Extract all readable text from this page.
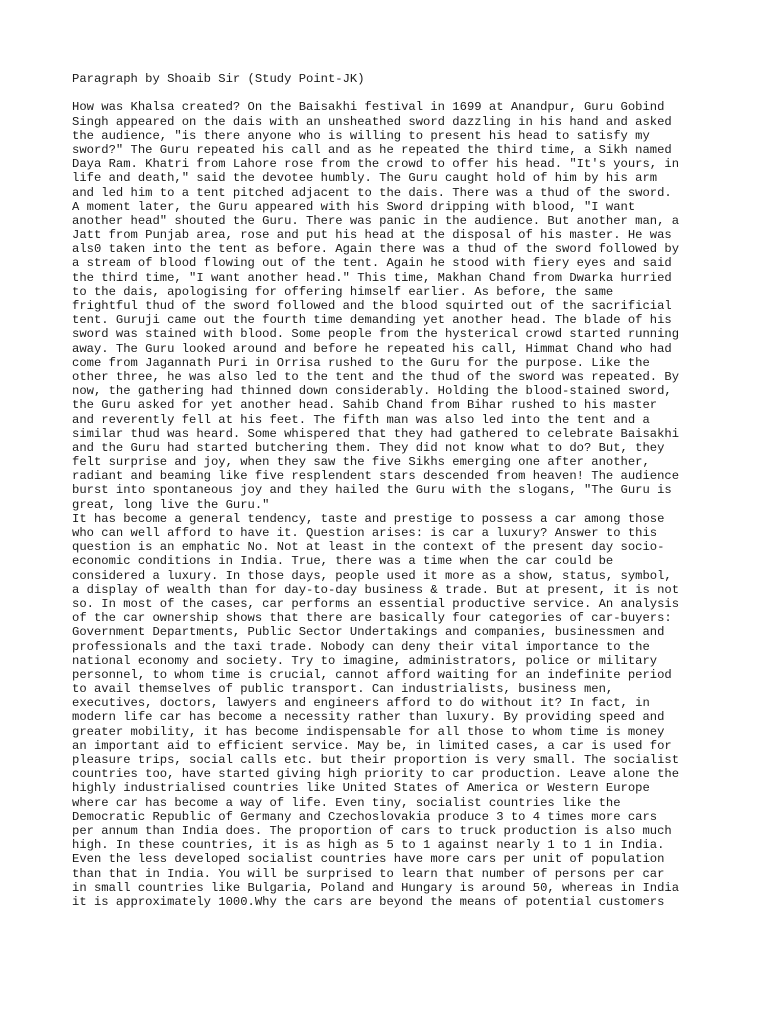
Paragraph by Shoaib Sir (Study Point-JK)

How was Khalsa created? On the Baisakhi festival in 1699 at Anandpur, Guru Gobind
Singh appeared on the dais with an unsheathed sword dazzling in his hand and asked
the audience, "is there anyone who is willing to present his head to satisfy my
sword?" The Guru repeated his call and as he repeated the third time, a Sikh named
Daya Ram. Khatri from Lahore rose from the crowd to offer his head. "It's yours, in
life and death," said the devotee humbly. The Guru caught hold of him by his arm
and led him to a tent pitched adjacent to the dais. There was a thud of the sword.
A moment later, the Guru appeared with his Sword dripping with blood, "I want
another head" shouted the Guru. There was panic in the audience. But another man, a
Jatt from Punjab area, rose and put his head at the disposal of his master. He was
als0 taken into the tent as before. Again there was a thud of the sword followed by
a stream of blood flowing out of the tent. Again he stood with fiery eyes and said
the third time, "I want another head." This time, Makhan Chand from Dwarka hurried
to the dais, apologising for offering himself earlier. As before, the same
frightful thud of the sword followed and the blood squirted out of the sacrificial
tent. Guruji came out the fourth time demanding yet another head. The blade of his
sword was stained with blood. Some people from the hysterical crowd started running
away. The Guru looked around and before he repeated his call, Himmat Chand who had
come from Jagannath Puri in Orrisa rushed to the Guru for the purpose. Like the
other three, he was also led to the tent and the thud of the sword was repeated. By
now, the gathering had thinned down considerably. Holding the blood-stained sword,
the Guru asked for yet another head. Sahib Chand from Bihar rushed to his master
and reverently fell at his feet. The fifth man was also led into the tent and a
similar thud was heard. Some whispered that they had gathered to celebrate Baisakhi
and the Guru had started butchering them. They did not know what to do? But, they
felt surprise and joy, when they saw the five Sikhs emerging one after another,
radiant and beaming like five resplendent stars descended from heaven! The audience
burst into spontaneous joy and they hailed the Guru with the slogans, "The Guru is
great, long live the Guru."
It has become a general tendency, taste and prestige to possess a car among those
who can well afford to have it. Question arises: is car a luxury? Answer to this
question is an emphatic No. Not at least in the context of the present day socio-
economic conditions in India. True, there was a time when the car could be
considered a luxury. In those days, people used it more as a show, status, symbol,
a display of wealth than for day-to-day business & trade. But at present, it is not
so. In most of the cases, car performs an essential productive service. An analysis
of the car ownership shows that there are basically four categories of car-buyers:
Government Departments, Public Sector Undertakings and companies, businessmen and
professionals and the taxi trade. Nobody can deny their vital importance to the
national economy and society. Try to imagine, administrators, police or military
personnel, to whom time is crucial, cannot afford waiting for an indefinite period
to avail themselves of public transport. Can industrialists, business men,
executives, doctors, lawyers and engineers afford to do without it? In fact, in
modern life car has become a necessity rather than luxury. By providing speed and
greater mobility, it has become indispensable for all those to whom time is money
an important aid to efficient service. May be, in limited cases, a car is used for
pleasure trips, social calls etc. but their proportion is very small. The socialist
countries too, have started giving high priority to car production. Leave alone the
highly industrialised countries like United States of America or Western Europe
where car has become a way of life. Even tiny, socialist countries like the
Democratic Republic of Germany and Czechoslovakia produce 3 to 4 times more cars
per annum than India does. The proportion of cars to truck production is also much
high. In these countries, it is as high as 5 to 1 against nearly 1 to 1 in India.
Even the less developed socialist countries have more cars per unit of population
than that in India. You will be surprised to learn that number of persons per car
in small countries like Bulgaria, Poland and Hungary is around 50, whereas in India
it is approximately 1000.Why the cars are beyond the means of potential customers
